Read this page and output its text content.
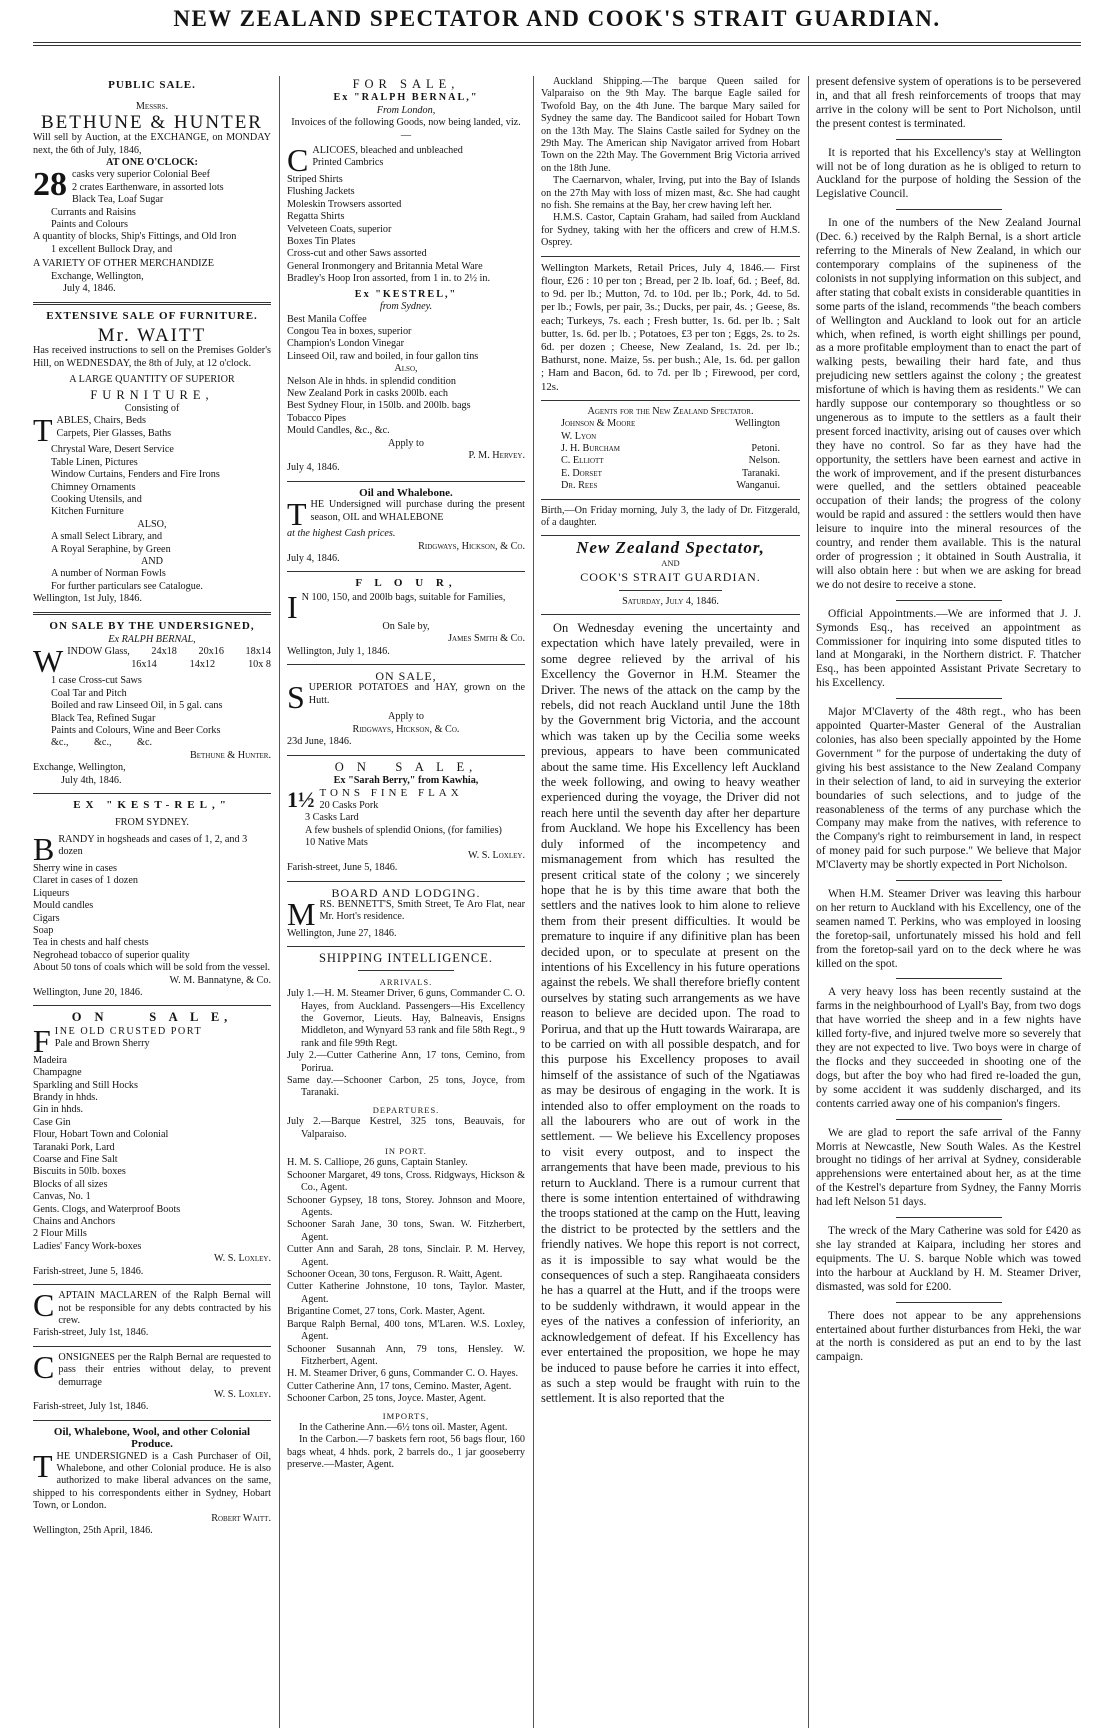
NEW ZEALAND SPECTATOR AND COOK'S STRAIT GUARDIAN.

PUBLIC SALE.

Messrs.

BETHUNE & HUNTER

Will sell by Auction, at the EXCHANGE, on MONDAY next, the 6th of July, 1846,

AT ONE O'CLOCK:

28 casks very superior Colonial Beef

2 crates Earthenware, in assorted lots

Black Tea, Loaf Sugar

Currants and Raisins

Paints and Colours

A quantity of blocks, Ship's Fittings, and Old Iron

1 excellent Bullock Dray, and

A VARIETY OF OTHER MERCHANDIZE

Exchange, Wellington,

July 4, 1846.

EXTENSIVE SALE OF FURNITURE.

Mr. WAITT

Has received instructions to sell on the Premises Golder's Hill, on WEDNESDAY, the 8th of July, at 12 o'clock.

A LARGE QUANTITY OF SUPERIOR

FURNITURE,

Consisting of

T ABLES, Chairs, Beds

Carpets, Pier Glasses, Baths

Chrystal Ware, Desert Service

Table Linen, Pictures

Window Curtains, Fenders and Fire Irons

Chimney Ornaments

Cooking Utensils, and

Kitchen Furniture

ALSO,

A small Select Library, and

A Royal Seraphine, by Green

AND

A number of Norman Fowls

For further particulars see Catalogue.

Wellington, 1st July, 1846.

ON SALE BY THE UNDERSIGNED,

Ex RALPH BERNAL,

W INDOW Glass, 24x18 20x16 18x14
16x14	14x12	10x 8

1 case Cross-cut Saws

Coal Tar and Pitch

Boiled and raw Linseed Oil, in 5 gal. cans

Black Tea, Refined Sugar

Paints and Colours, Wine and Beer Corks

&c.,          &c.,          &c.

Bethune & Hunter.

Exchange, Wellington,

July 4th, 1846.

EX "KEST-REL,"

FROM SYDNEY.

B RANDY in hogsheads and cases of 1, 2, and 3 dozen

Sherry wine in cases

Claret in cases of 1 dozen

Liqueurs

Mould candles

Cigars

Soap

Tea in chests and half chests

Negrohead tobacco of superior quality

About 50 tons of coals which will be sold from the vessel.

W. M. Bannatyne, & Co.

Wellington, June 20, 1846.

O N     S A L E,

F INE OLD CRUSTED PORT

Pale and Brown Sherry

Madeira

Champagne

Sparkling and Still Hocks

Brandy in hhds.

Gin in hhds.

Case Gin

Flour, Hobart Town and Colonial

Taranaki Pork, Lard

Coarse and Fine Salt

Biscuits in 50lb. boxes

Blocks of all sizes

Canvas, No. 1

Gents. Clogs, and Waterproof Boots

Chains and Anchors

2 Flour Mills

Ladies' Fancy Work-boxes

W. S. Loxley.

Farish-street, June 5, 1846.

C APTAIN MACLAREN of the Ralph Bernal will not be responsible for any debts contracted by his crew.

Farish-street, July 1st, 1846.

C ONSIGNEES per the Ralph Bernal are requested to pass their entries without delay, to prevent demurrage

W. S. Loxley.

Farish-street, July 1st, 1846.

Oil, Whalebone, Wool, and other Colonial Produce.

T HE UNDERSIGNED is a Cash Purchaser of Oil, Whalebone, and other Colonial produce. He is also authorized to make liberal advances on the same, shipped to his correspondents either in Sydney, Hobart Town, or London.

Robert Waitt.

Wellington, 25th April, 1846.

FOR SALE,

Ex "RALPH BERNAL,"

From London,

Invoices of the following Goods, now being landed, viz.—

C ALICOES, bleached and unbleached

Printed Cambrics

Striped Shirts

Flushing Jackets

Moleskin Trowsers assorted

Regatta Shirts

Velveteen Coats, superior

Boxes Tin Plates

Cross-cut and other Saws assorted

General Ironmongery and Britannia Metal Ware

Bradley's Hoop Iron assorted, from 1 in. to 2½ in.

Ex "KESTREL,"

from Sydney.

Best Manila Coffee

Congou Tea in boxes, superior

Champion's London Vinegar

Linseed Oil, raw and boiled, in four gallon tins

Also,

Nelson Ale in hhds. in splendid condition

New Zealand Pork in casks 200lb. each

Best Sydney Flour, in 150lb. and 200lb. bags

Tobacco Pipes

Mould Candles, &c., &c.

Apply to

P. M. Hervey.

July 4, 1846.

Oil and Whalebone.

T HE Undersigned will purchase during the present season, OIL and WHALEBONE

at the highest Cash prices.

Ridgways, Hickson, & Co.

July 4, 1846.

F L O U R,

I N 100, 150, and 200lb bags, suitable for Families,

On Sale by,

James Smith & Co.

Wellington, July 1, 1846.

ON SALE,

S UPERIOR POTATOES and HAY, grown on the Hutt.

Apply to

Ridgways, Hickson, & Co.

23d June, 1846.

O N   S A L E,

Ex "Sarah Berry," from Kawhia,

1½ TONS FINE FLAX

20 Casks Pork

3 Casks Lard

A few bushels of splendid Onions, (for families)

10 Native Mats

W. S. Loxley.

Farish-street, June 5, 1846.

BOARD AND LODGING.

M RS. BENNETT'S, Smith Street, Te Aro Flat, near Mr. Hort's residence.

Wellington, June 27, 1846.

SHIPPING INTELLIGENCE.

ARRIVALS.

July 1.—H. M. Steamer Driver, 6 guns, Commander C. O. Hayes, from Auckland. Passengers—His Excellency the Governor, Lieuts. Hay, Balneavis, Ensigns Middleton, and Wynyard 53 rank and file 58th Regt., 9 rank and file 99th Regt.

July 2.—Cutter Catherine Ann, 17 tons, Cemino, from Porirua.

Same day.—Schooner Carbon, 25 tons, Joyce, from Taranaki.

DEPARTURES.

July 2.—Barque Kestrel, 325 tons, Beauvais, for Valparaiso.

IN PORT.

H. M. S. Calliope, 26 guns, Captain Stanley.

Schooner Margaret, 49 tons, Cross. Ridgways, Hickson & Co., Agent.

Schooner Gypsey, 18 tons, Storey. Johnson and Moore, Agents.

Schooner Sarah Jane, 30 tons, Swan. W. Fitzherbert, Agent.

Cutter Ann and Sarah, 28 tons, Sinclair. P. M. Hervey, Agent.

Schooner Ocean, 30 tons, Ferguson. R. Waitt, Agent.

Cutter Katherine Johnstone, 10 tons, Taylor. Master, Agent.

Brigantine Comet, 27 tons, Cork. Master, Agent.

Barque Ralph Bernal, 400 tons, M'Laren. W.S. Loxley, Agent.

Schooner Susannah Ann, 79 tons, Hensley. W. Fitzherbert, Agent.

H. M. Steamer Driver, 6 guns, Commander C. O. Hayes.

Cutter Catherine Ann, 17 tons, Cemino. Master, Agent.

Schooner Carbon, 25 tons, Joyce. Master, Agent.

IMPORTS,

In the Catherine Ann.—6½ tons oil. Master, Agent.

In the Carbon.—7 baskets fern root, 56 bags flour, 160 bags wheat, 4 hhds. pork, 2 barrels do., 1 jar gooseberry preserve.—Master, Agent.

Auckland Shipping.—The barque Queen sailed for Valparaiso on the 9th May. The barque Eagle sailed for Twofold Bay, on the 4th June. The barque Mary sailed for Sydney the same day. The Bandicoot sailed for Hobart Town on the 13th May. The Slains Castle sailed for Sydney on the 29th May. The American ship Navigator arrived from Hobart Town on the 22th May. The Government Brig Victoria arrived on the 18th June.

The Caernarvon, whaler, Irving, put into the Bay of Islands on the 27th May with loss of mizen mast, &c. She had caught no fish. She remains at the Bay, her crew having left her.

H.M.S. Castor, Captain Graham, had sailed from Auckland for Sydney, taking with her the officers and crew of H.M.S. Osprey.

Wellington Markets, Retail Prices, July 4, 1846.— First flour, £26 : 10 per ton ; Bread, per 2 lb. loaf, 6d. ; Beef, 8d. to 9d. per lb.; Mutton, 7d. to 10d. per lb.; Pork, 4d. to 5d. per lb.; Fowls, per pair, 3s.; Ducks, per pair, 4s. ; Geese, 8s. each; Turkeys, 7s. each ; Fresh butter, 1s. 6d. per lb. ; Salt butter, 1s. 6d. per lb. ; Potatoes, £3 per ton ; Eggs, 2s. to 2s. 6d. per dozen ; Cheese, New Zealand, 1s. 2d. per lb.; Bathurst, none. Maize, 5s. per bush.; Ale, 1s. 6d. per gallon ; Ham and Bacon, 6d. to 7d. per lb ; Firewood, per cord, 12s.

Agents for the New Zealand Spectator.

Johnson & Moore	Wellington
W. Lyon
J. H. Burcham	Petoni.
C. Elliott	Nelson.
E. Dorset	Taranaki.
Dr. Rees	Wanganui.

Birth,—On Friday morning, July 3, the lady of Dr. Fitzgerald, of a daughter.

New Zealand Spectator,

AND

COOK'S STRAIT GUARDIAN.

Saturday, July 4, 1846.

On Wednesday evening the uncertainty and expectation which have lately prevailed, were in some degree relieved by the arrival of his Excellency the Governor in H.M. Steamer the Driver. The news of the attack on the camp by the rebels, did not reach Auckland until June the 18th by the Government brig Victoria, and the account which was taken up by the Cecilia some weeks previous, appears to have been communicated about the same time. His Excellency left Auckland the week following, and owing to heavy weather experienced during the voyage, the Driver did not reach here until the seventh day after her departure from Auckland. We hope his Excellency has been duly informed of the incompetency and mismanagement from which has resulted the present critical state of the colony ; we sincerely hope that he is by this time aware that both the settlers and the natives look to him alone to relieve them from their present difficulties. It would be premature to inquire if any difinitive plan has been decided upon, or to speculate at present on the intentions of his Excellency in his future operations against the rebels. We shall therefore briefly content ourselves by stating such arrangements as we have reason to believe are decided upon. The road to Porirua, and that up the Hutt towards Wairarapa, are to be carried on with all possible despatch, and for this purpose his Excellency proposes to avail himself of the assistance of such of the Ngatiawas as may be desirous of engaging in the work. It is intended also to offer employment on the roads to all the labourers who are out of work in the settlement. — We believe his Excellency proposes to visit every outpost, and to inspect the arrangements that have been made, previous to his return to Auckland. There is a rumour current that there is some intention entertained of withdrawing the troops stationed at the camp on the Hutt, leaving the district to be protected by the settlers and the friendly natives. We hope this report is not correct, as it is impossible to say what would be the consequences of such a step. Rangihaeata considers he has a quarrel at the Hutt, and if the troops were to be suddenly withdrawn, it would appear in the eyes of the natives a confession of inferiority, an acknowledgement of defeat. If his Excellency has ever entertained the proposition, we hope he may be induced to pause before he carries it into effect, as such a step would be fraught with ruin to the settlement. It is also reported that the

present defensive system of operations is to be persevered in, and that all fresh reinforcements of troops that may arrive in the colony will be sent to Port Nicholson, until the present contest is terminated.

It is reported that his Excellency's stay at Wellington will not be of long duration as he is obliged to return to Auckland for the purpose of holding the Session of the Legislative Council.

In one of the numbers of the New Zealand Journal (Dec. 6.) received by the Ralph Bernal, is a short article referring to the Minerals of New Zealand, in which our contemporary complains of the supineness of the colonists in not supplying information on this subject, and after stating that cobalt exists in considerable quantities in some parts of the island, recommends "the beach combers of Wellington and Auckland to look out for an article which, when refined, is worth eight shillings per pound, as a more profitable employment than to enact the part of walking pests, bewailing their hard fate, and thus prejudicing new settlers against the colony ; the greatest misfortune of which is having them as residents." We can hardly suppose our contemporary so thoughtless or so ungenerous as to impute to the settlers as a fault their present forced inactivity, arising out of causes over which they have no control. So far as they have had the opportunity, the settlers have been earnest and active in the work of improvement, and if the present disturbances were quelled, and the settlers obtained peaceable occupation of their lands; the progress of the colony would be rapid and assured : the settlers would then have leisure to inquire into the mineral resources of the country, and render them available. This is the natural order of progression ; it obtained in South Australia, it will also obtain here : but when we are asking for bread we do not desire to receive a stone.

Official Appointments.—We are informed that J. J. Symonds Esq., has received an appointment as Commissioner for inquiring into some disputed titles to land at Mongaraki, in the Northern district. F. Thatcher Esq., has been appointed Assistant Private Secretary to his Excellency.

Major M'Claverty of the 48th regt., who has been appointed Quarter-Master General of the Australian colonies, has also been specially appointed by the Home Government " for the purpose of undertaking the duty of giving his best assistance to the New Zealand Company in their selection of land, to aid in surveying the exterior boundaries of such selections, and to judge of the reasonableness of the terms of any purchase which the Company may make from the natives, with reference to the Company's right to reimbursement in land, in respect of money paid for such purpose." We believe that Major M'Claverty may be shortly expected in Port Nicholson.

When H.M. Steamer Driver was leaving this harbour on her return to Auckland with his Excellency, one of the seamen named T. Perkins, who was employed in loosing the foretop-sail, unfortunately missed his hold and fell from the foretop-sail yard on to the deck where he was killed on the spot.

A very heavy loss has been recently sustaind at the farms in the neighbourhood of Lyall's Bay, from two dogs that have worried the sheep and in a few nights have killed forty-five, and injured twelve more so severely that they are not expected to live. Two boys were in charge of the flocks and they succeeded in shooting one of the dogs, but after the boy who had fired re-loaded the gun, by some accident it was suddenly discharged, and its contents carried away one of his companion's fingers.

We are glad to report the safe arrival of the Fanny Morris at Newcastle, New South Wales. As the Kestrel brought no tidings of her arrival at Sydney, considerable apprehensions were entertained about her, as at the time of the Kestrel's departure from Sydney, the Fanny Morris had left Nelson 51 days.

The wreck of the Mary Catherine was sold for £420 as she lay stranded at Kaipara, including her stores and equipments. The U. S. barque Noble which was towed into the harbour at Auckland by H. M. Steamer Driver, dismasted, was sold for £200.

There does not appear to be any apprehensions entertained about further disturbances from Heki, the war at the north is considered as put an end to by the last campaign.
